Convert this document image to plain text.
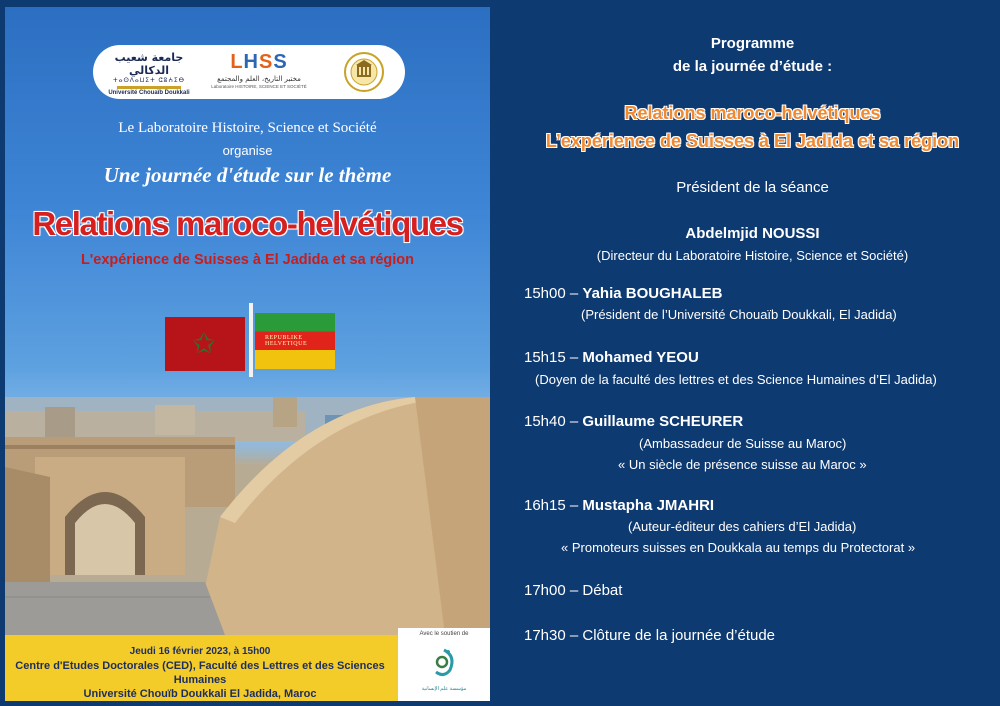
جامعة شعيب الدكالي
ⵜⴰⵙⴷⴰⵡⵉⵜ ⵛⵓⵄⵉⴱ
Université Chouaïb Doukkali
LHSS
مختبر التاريخ، العلم والمجتمع
Laboratoire HISTOIRE, SCIENCE ET SOCIÉTÉ
Le Laboratoire Histoire, Science et Société
organise
Une journée d'étude sur le thème
Relations maroco-helvétiques
L'expérience de Suisses à El Jadida et sa région
✩	REPUBLIKE HELVETIQUE
Jeudi 16 février 2023, à 15h00
Centre d'Etudes Doctorales (CED), Faculté des Lettres et des Sciences Humaines
Université Chouïb Doukkali El Jadida, Maroc
Avec le soutien de
مؤسسة علم الإنسانية
Programme
de la journée d’étude :
Relations maroco-helvétiques
L’expérience de Suisses à El Jadida et sa région
Président de la séance
Abdelmjid NOUSSI
(Directeur du Laboratoire Histoire, Science et Société)
15h00 – Yahia BOUGHALEB
(Président de l’Université Chouaïb Doukkali, El Jadida)
15h15 – Mohamed YEOU
(Doyen de la faculté des lettres et des Science Humaines d’El Jadida)
15h40 – Guillaume SCHEURER
(Ambassadeur de Suisse au Maroc)
« Un siècle de présence suisse au Maroc »
16h15 – Mustapha JMAHRI
(Auteur-éditeur des cahiers d’El Jadida)
« Promoteurs suisses en Doukkala au temps du Protectorat »
17h00 – Débat
17h30 – Clôture de la journée d’étude
